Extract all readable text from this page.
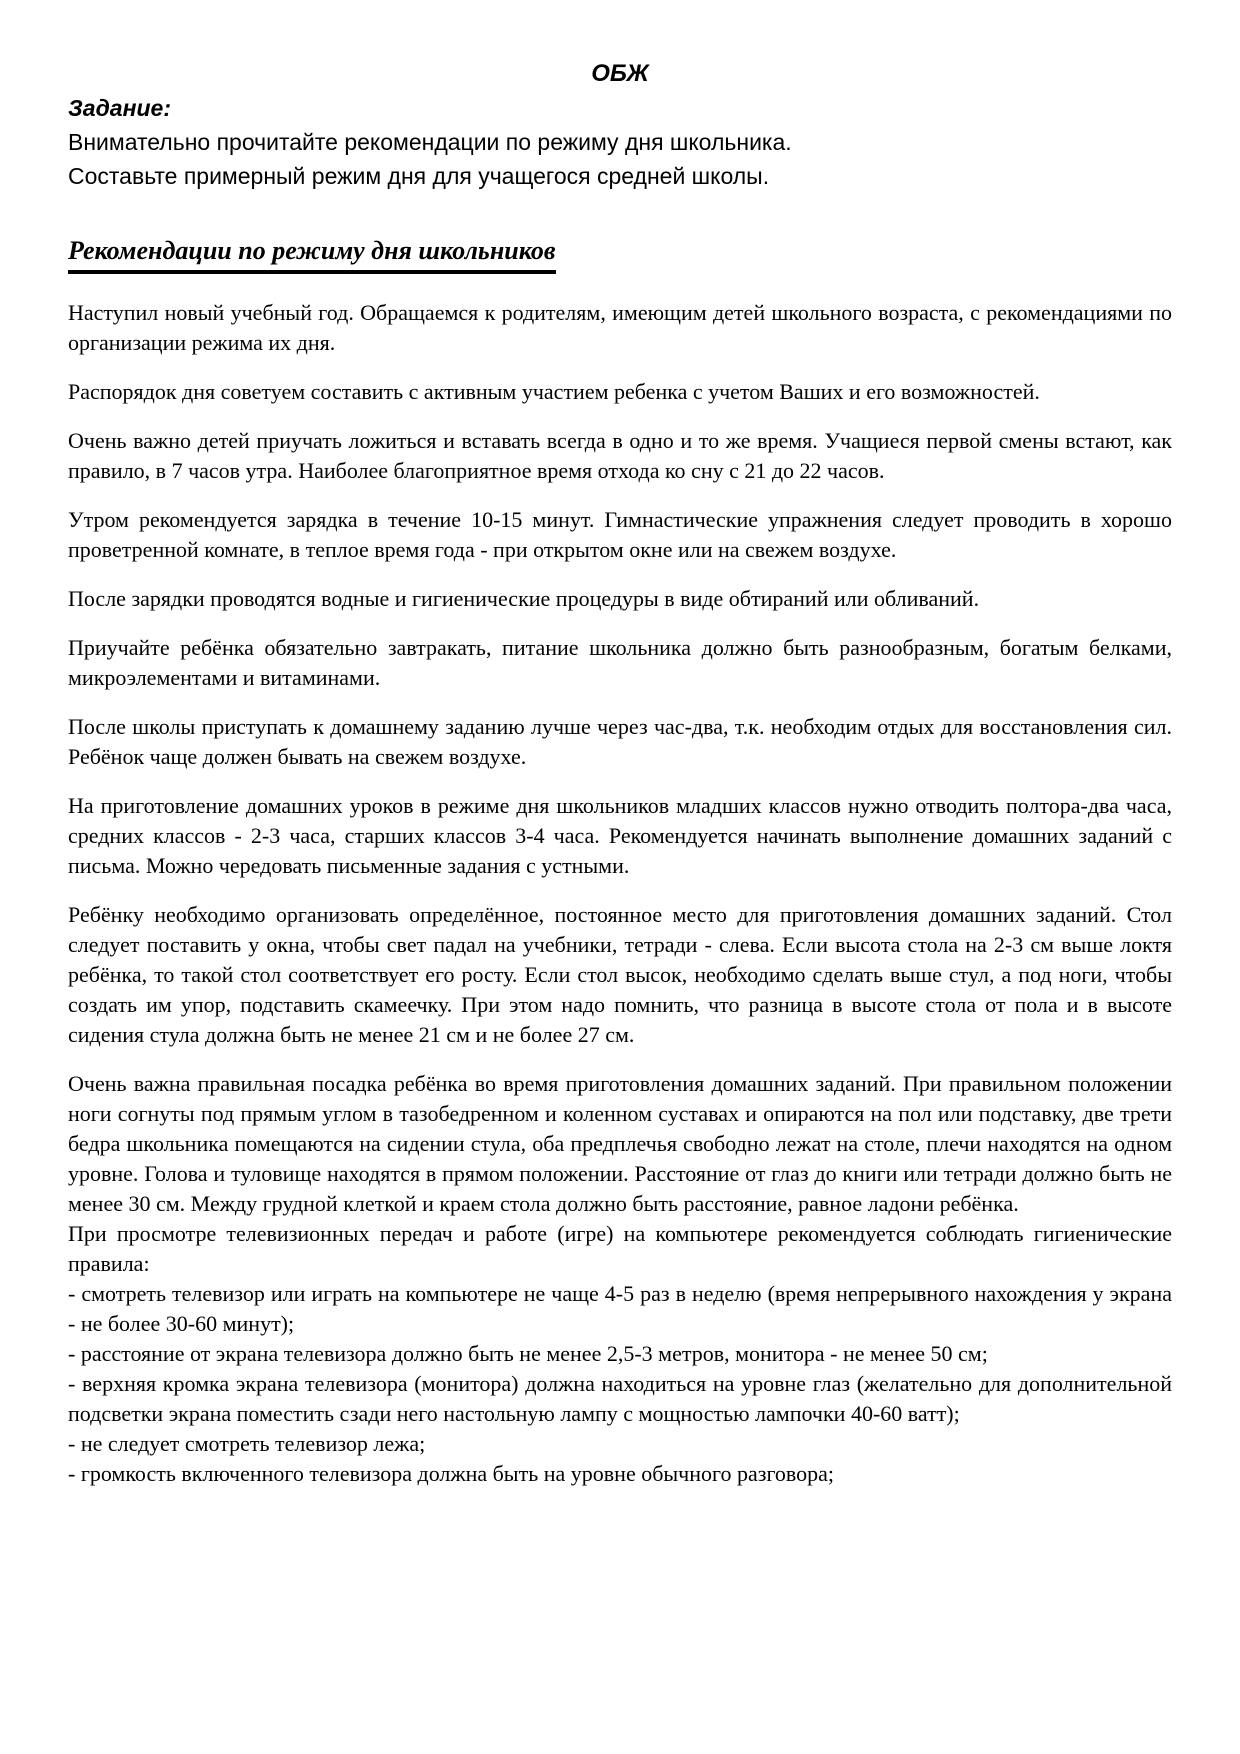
ОБЖ
Задание:
Внимательно прочитайте рекомендации по режиму дня школьника.
Составьте примерный режим дня для учащегося средней школы.
Рекомендации по режиму дня школьников

Наступил новый учебный год. Обращаемся к родителям, имеющим детей школьного возраста, с рекомендациями по организации режима их дня.

Распорядок дня советуем составить с активным участием ребенка с учетом Ваших и его возможностей.

Очень важно детей приучать ложиться и вставать всегда в одно и то же время. Учащиеся первой смены встают, как правило, в 7 часов утра. Наиболее благоприятное время отхода ко сну с 21 до 22 часов.

Утром рекомендуется зарядка в течение 10-15 минут. Гимнастические упражнения следует проводить в хорошо проветренной комнате, в теплое время года - при открытом окне или на свежем воздухе.

После зарядки проводятся водные и гигиенические процедуры в виде обтираний или обливаний.

Приучайте ребёнка обязательно завтракать, питание школьника должно быть разнообразным, богатым белками, микроэлементами и витаминами.

После школы приступать к домашнему заданию лучше через час-два, т.к. необходим отдых для восстановления сил. Ребёнок чаще должен бывать на свежем воздухе.

На приготовление домашних уроков в режиме дня школьников младших классов нужно отводить полтора-два часа, средних классов - 2-3 часа, старших классов 3-4 часа. Рекомендуется начинать выполнение домашних заданий с письма. Можно чередовать письменные задания с устными.

Ребёнку необходимо организовать определённое, постоянное место для приготовления домашних заданий. Стол следует поставить у окна, чтобы свет падал на учебники, тетради - слева. Если высота стола на 2-3 см выше локтя ребёнка, то такой стол соответствует его росту. Если стол высок, необходимо сделать выше стул, а под ноги, чтобы создать им упор, подставить скамеечку. При этом надо помнить, что разница в высоте стола от пола и в высоте сидения стула должна быть не менее 21 см и не более 27 см.

Очень важна правильная посадка ребёнка во время приготовления домашних заданий. При правильном положении ноги согнуты под прямым углом в тазобедренном и коленном суставах и опираются на пол или подставку, две трети бедра школьника помещаются на сидении стула, оба предплечья свободно лежат на столе, плечи находятся на одном уровне. Голова и туловище находятся в прямом положении. Расстояние от глаз до книги или тетради должно быть не менее 30 см. Между грудной клеткой и краем стола должно быть расстояние, равное ладони ребёнка.

При просмотре телевизионных передач и работе (игре) на компьютере рекомендуется соблюдать гигиенические правила:

- смотреть телевизор или играть на компьютере не чаще 4-5 раз в неделю (время непрерывного нахождения у экрана - не более 30-60 минут);

- расстояние от экрана телевизора должно быть не менее 2,5-3 метров, монитора - не менее 50 см;

- верхняя кромка экрана телевизора (монитора) должна находиться на уровне глаз (желательно для дополнительной подсветки экрана поместить сзади него настольную лампу с мощностью лампочки 40-60 ватт);

- не следует смотреть телевизор лежа;

- громкость включенного телевизора должна быть на уровне обычного разговора;
